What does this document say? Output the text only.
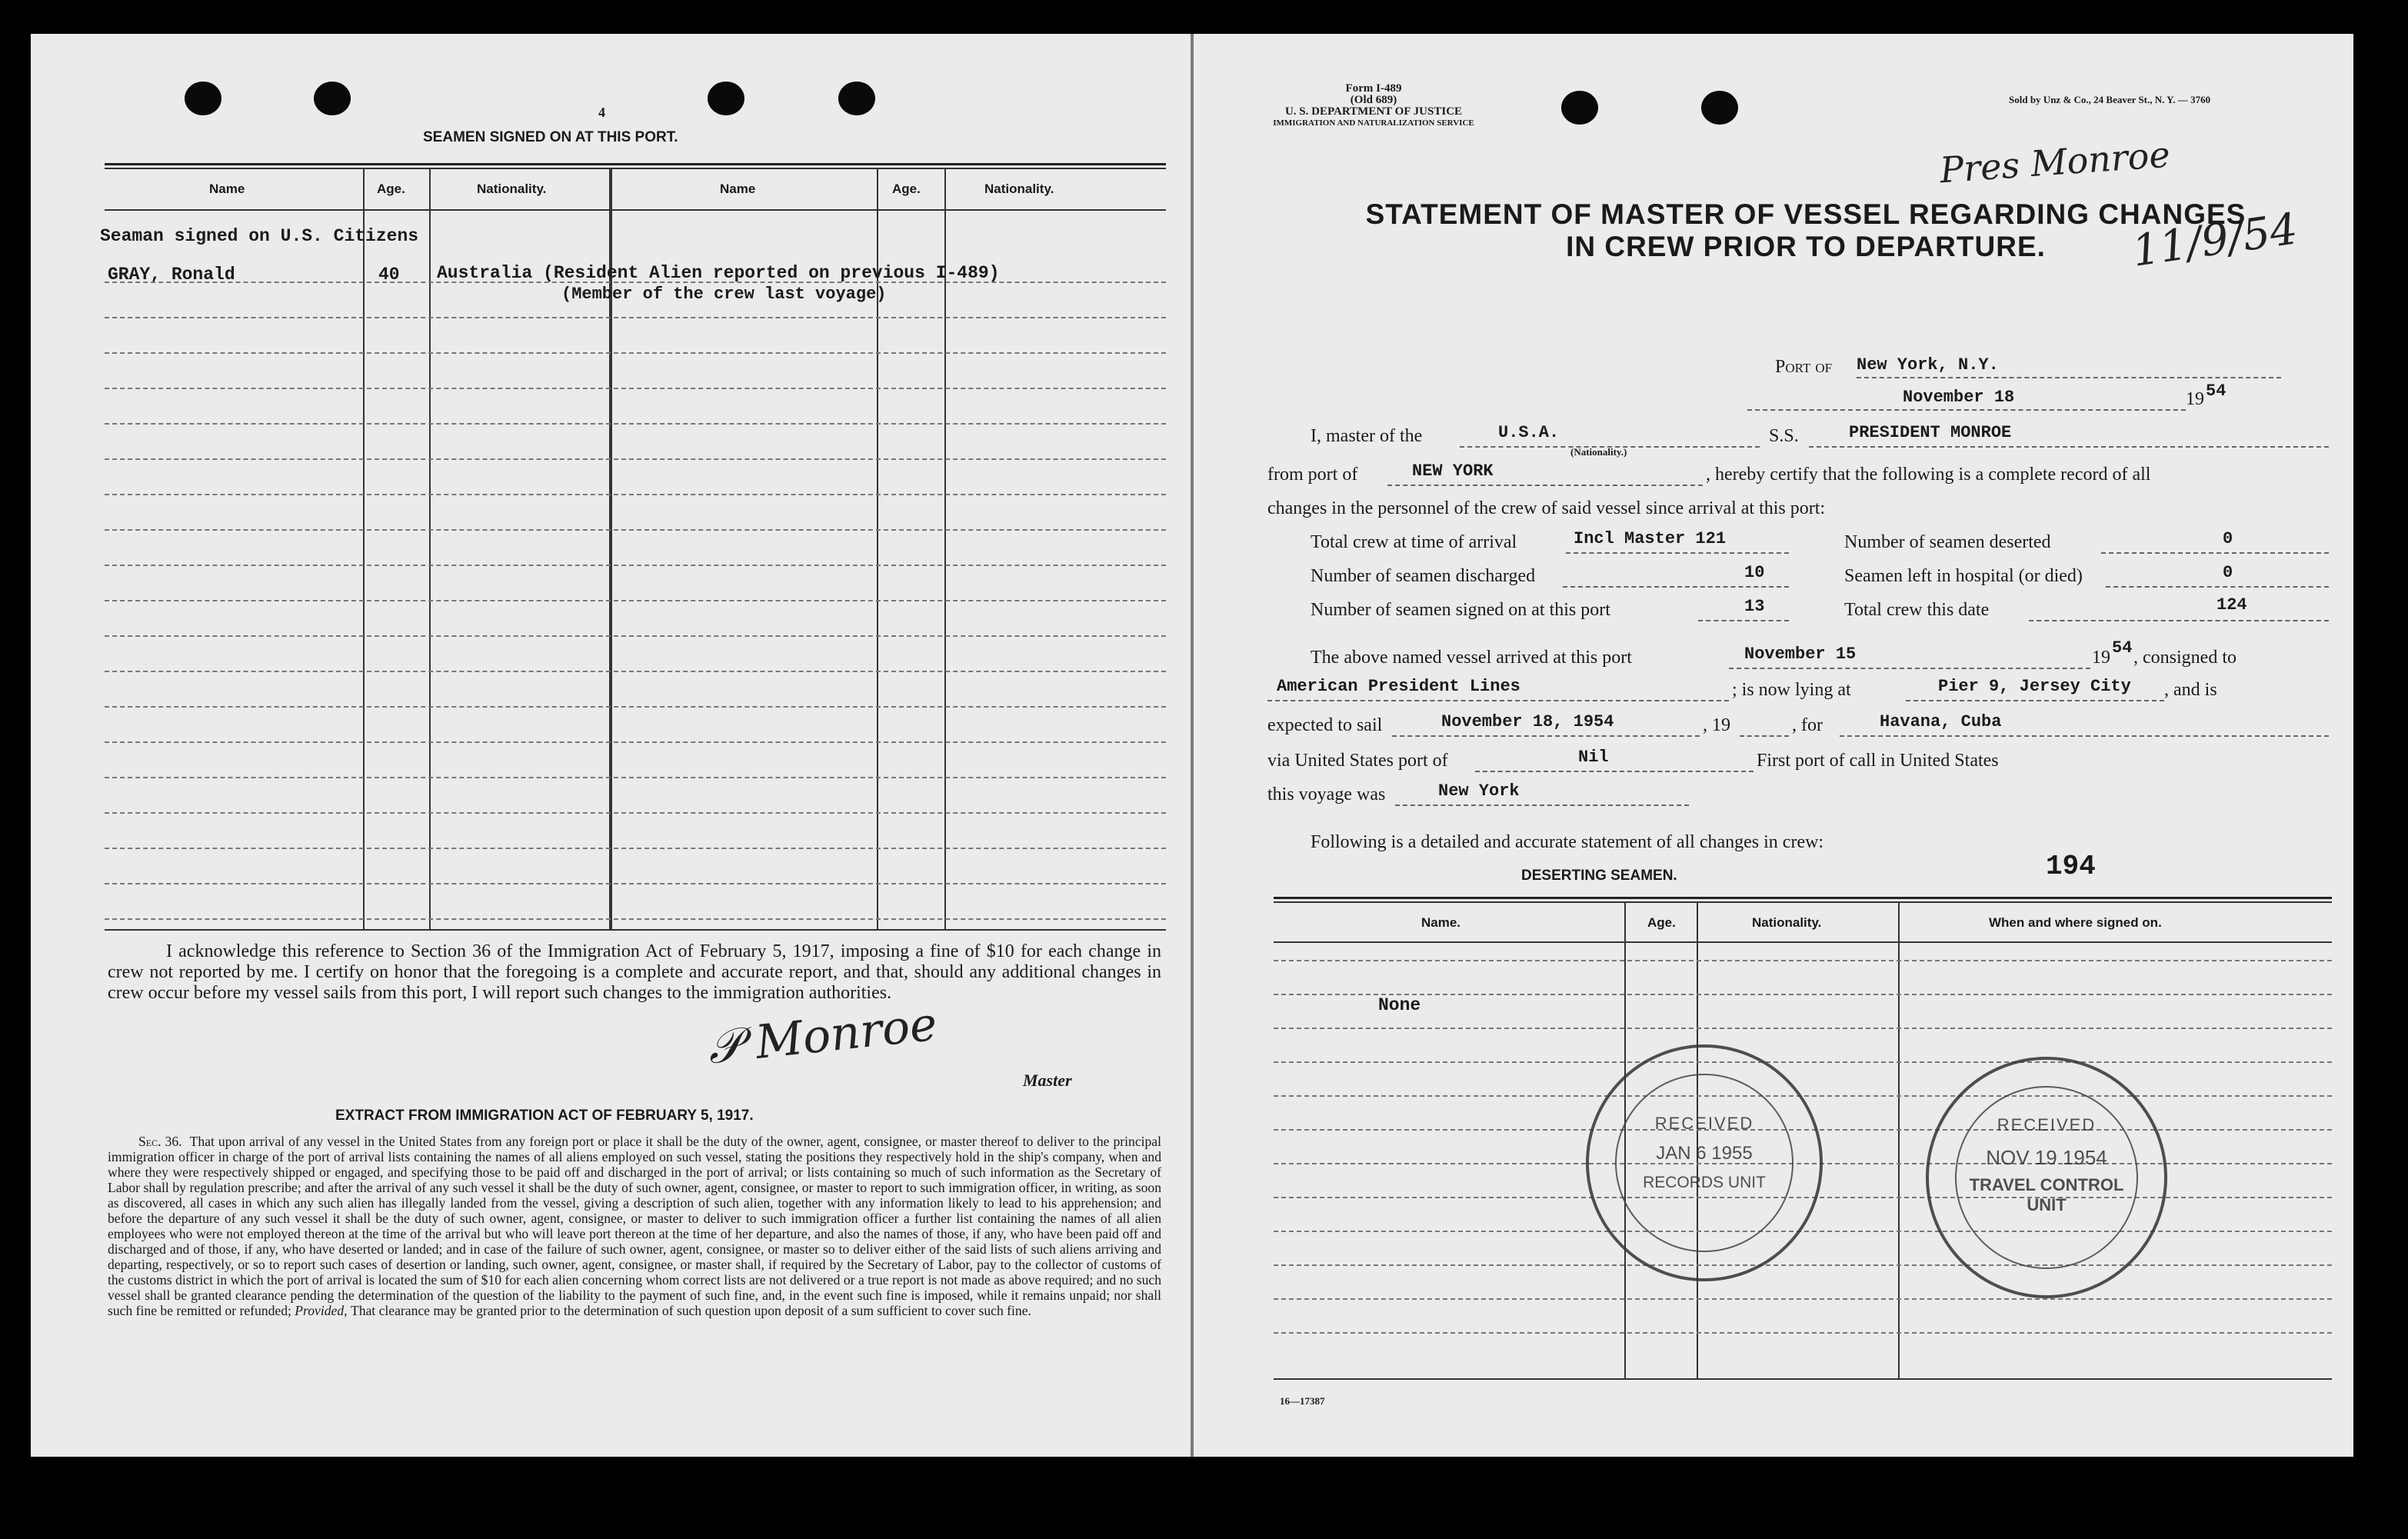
4
SEAMEN SIGNED ON AT THIS PORT.
Name	Age.	Nationality.	Name	Age.	Nationality.
Seaman signed on U.S. Citizens
GRAY, Ronald	40 Australia (Resident Alien reported on previous I-489)
(Member of the crew last voyage)
I acknowledge this reference to Section 36 of the Immigration Act of February 5, 1917, imposing a fine of $10 for each change in crew not reported by me. I certify on honor that the foregoing is a complete and accurate report, and that, should any additional changes in crew occur before my vessel sails from this port, I will report such changes to the immigration authorities.
𝒫 Monroe
Master
EXTRACT FROM IMMIGRATION ACT OF FEBRUARY 5, 1917.
Sec. 36. That upon arrival of any vessel in the United States from any foreign port or place it shall be the duty of the owner, agent, consignee, or master thereof to deliver to the principal immigration officer in charge of the port of arrival lists containing the names of all aliens employed on such vessel, stating the positions they respectively hold in the ship's company, when and where they were respectively shipped or engaged, and specifying those to be paid off and discharged in the port of arrival; or lists containing so much of such information as the Secretary of Labor shall by regulation prescribe; and after the arrival of any such vessel it shall be the duty of such owner, agent, consignee, or master to report to such immigration officer, in writing, as soon as discovered, all cases in which any such alien has illegally landed from the vessel, giving a description of such alien, together with any information likely to lead to his apprehension; and before the departure of any such vessel it shall be the duty of such owner, agent, consignee, or master to deliver to such immigration officer a further list containing the names of all alien employees who were not employed thereon at the time of the arrival but who will leave port thereon at the time of her departure, and also the names of those, if any, who have been paid off and discharged and of those, if any, who have deserted or landed; and in case of the failure of such owner, agent, consignee, or master so to deliver either of the said lists of such aliens arriving and departing, respectively, or so to report such cases of desertion or landing, such owner, agent, consignee, or master shall, if required by the Secretary of Labor, pay to the collector of customs of the customs district in which the port of arrival is located the sum of $10 for each alien concerning whom correct lists are not delivered or a true report is not made as above required; and no such vessel shall be granted clearance pending the determination of the question of the liability to the payment of such fine, and, in the event such fine is imposed, while it remains unpaid; nor shall such fine be remitted or refunded; Provided, That clearance may be granted prior to the determination of such question upon deposit of a sum sufficient to cover such fine.
Form I-489
(Old 689)
U. S. DEPARTMENT OF JUSTICE
IMMIGRATION AND NATURALIZATION SERVICE
Sold by Unz & Co., 24 Beaver St., N. Y. — 3760
Pres Monroe
11/9/54
STATEMENT OF MASTER OF VESSEL REGARDING CHANGES
IN CREW PRIOR TO DEPARTURE.
Port of New York, N.Y.
November 18	19 54
I, master of the	U.S.A.
(Nationality.)
S.S.	PRESIDENT MONROE
from port of	NEW YORK	, hereby certify that the following is a complete record of all
changes in the personnel of the crew of said vessel since arrival at this port:
Total crew at time of arrival	Incl Master 121	Number of seamen deserted	0
Number of seamen discharged	10	Seamen left in hospital (or died)	0
Number of seamen signed on at this port	13	Total crew this date	124
The above named vessel arrived at this port	November 15	19 54 , consigned to
American President Lines	; is now lying at	Pier 9, Jersey City , and is
expected to sail	November 18, 1954	, 19	, for	Havana, Cuba
via United States port of	Nil	First port of call in United States
this voyage was	New York
Following is a detailed and accurate statement of all changes in crew:
DESERTING SEAMEN.	194
Name.	Age.	Nationality.	When and where signed on.
None
RECEIVED
JAN 6 1955
RECORDS UNIT
RECEIVED
NOV 19 1954
TRAVEL CONTROL
UNIT
16—17387
